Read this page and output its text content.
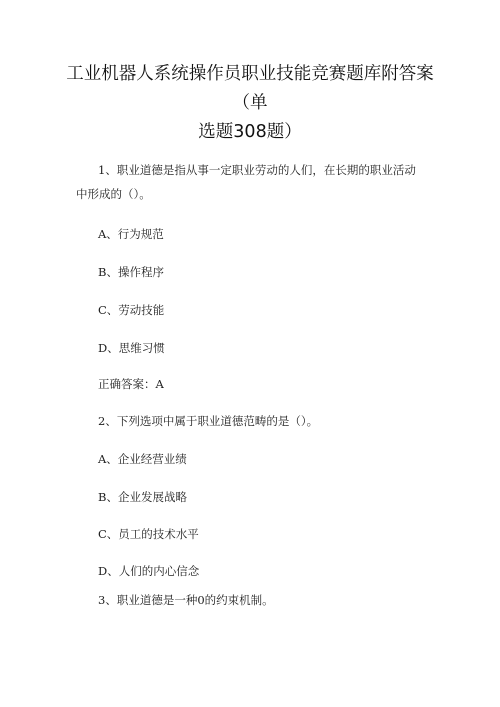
工业机器人系统操作员职业技能竞赛题库附答案（单
选题308题）
1、职业道德是指从事一定职业劳动的人们，在长期的职业活动中形成的（）。
A、行为规范
B、操作程序
C、劳动技能
D、思维习惯
正确答案：A
2、下列选项中属于职业道德范畴的是（）。
A、企业经营业绩
B、企业发展战略
C、员工的技术水平
D、人们的内心信念
3、职业道德是一种0的约束机制。
